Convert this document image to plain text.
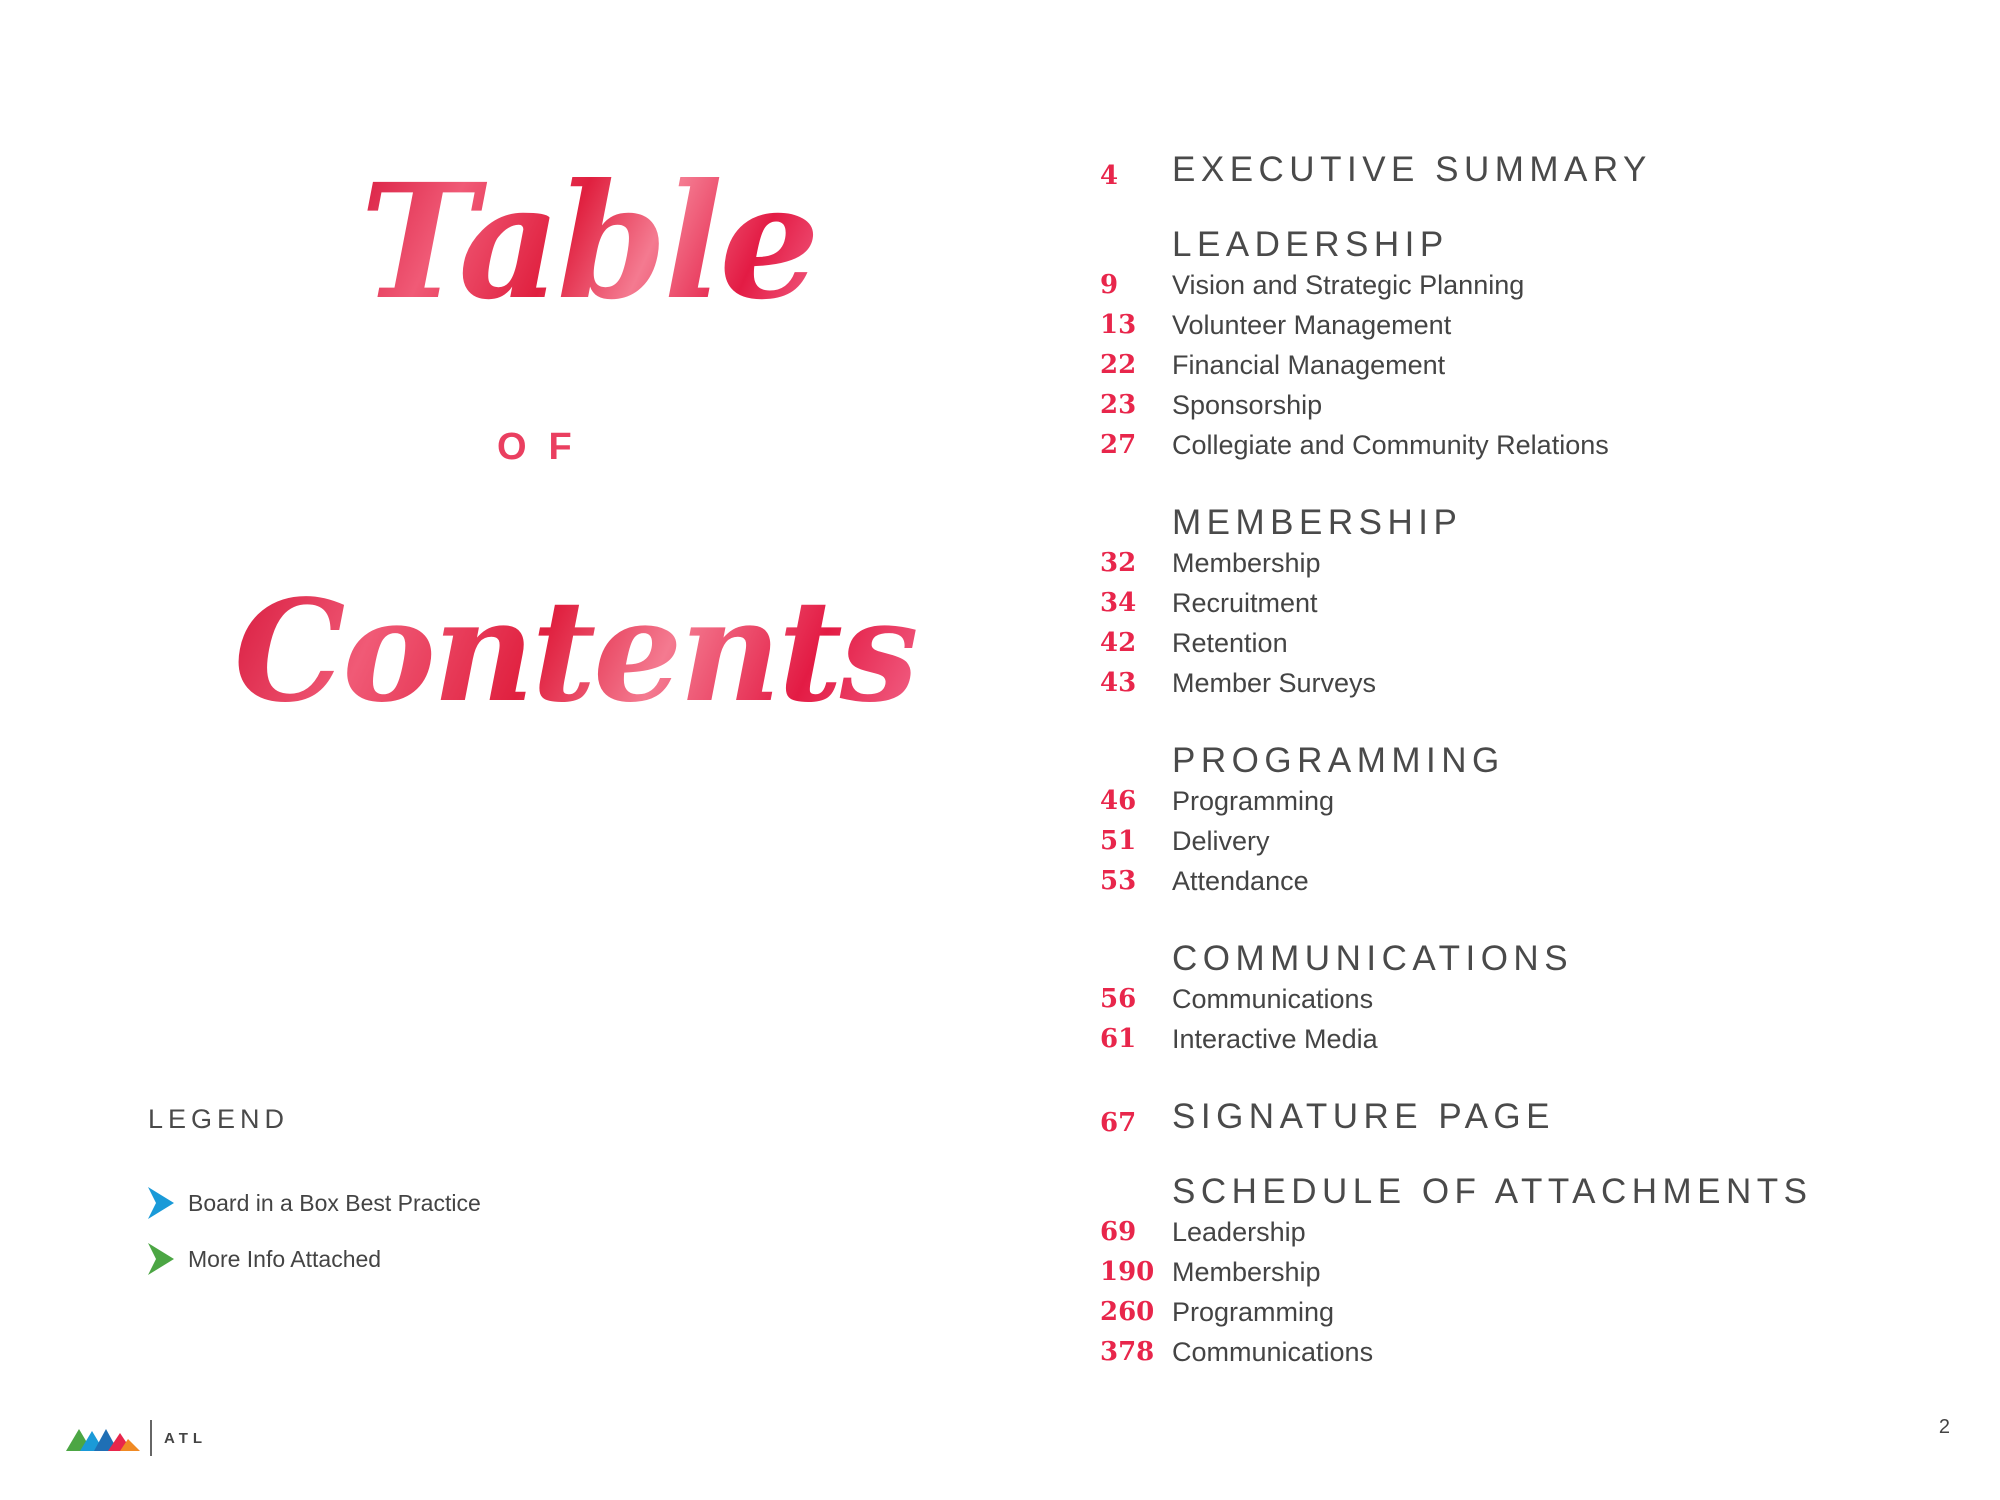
Table
OF
Contents
LEGEND
Board in a Box Best Practice
More Info Attached
4	EXECUTIVE SUMMARY
LEADERSHIP
9	Vision and Strategic Planning
13	Volunteer Management
22	Financial Management
23	Sponsorship
27	Collegiate and Community Relations
MEMBERSHIP
32	Membership
34	Recruitment
42	Retention
43	Member Surveys
PROGRAMMING
46	Programming
51	Delivery
53	Attendance
COMMUNICATIONS
56	Communications
61	Interactive Media
67	SIGNATURE PAGE
SCHEDULE OF ATTACHMENTS
69	Leadership
190 Membership
260 Programming
378 Communications
ATL	2
